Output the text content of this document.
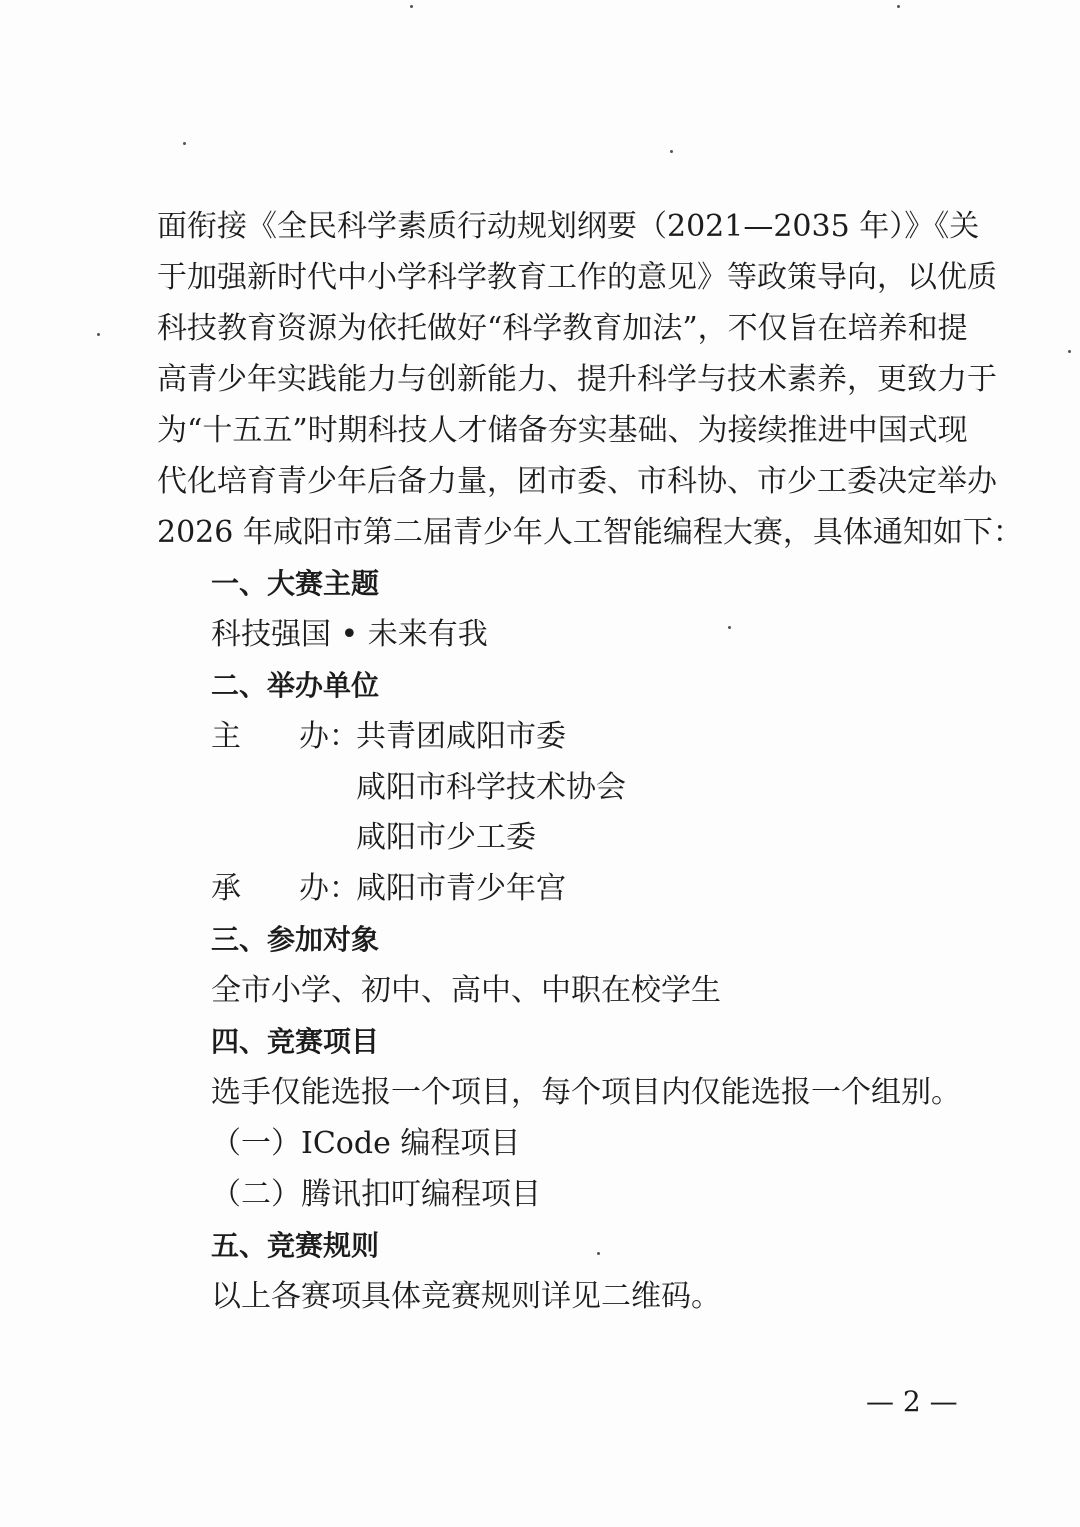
面衔接《全民科学素质行动规划纲要（2021—2035 年）》《关
于加强新时代中小学科学教育工作的意见》等政策导向，以优质
科技教育资源为依托做好“科学教育加法”，不仅旨在培养和提
高青少年实践能力与创新能力、提升科学与技术素养，更致力于
为“十五五”时期科技人才储备夯实基础、为接续推进中国式现
代化培育青少年后备力量，团市委、市科协、市少工委决定举办
2026 年咸阳市第二届青少年人工智能编程大赛，具体通知如下：
一、大赛主题
科技强国 • 未来有我
二、举办单位
主 办：
共青团咸阳市委
咸阳市科学技术协会
咸阳市少工委
承 办：
咸阳市青少年宫
三、参加对象
全市小学、初中、高中、中职在校学生
四、竞赛项目
选手仅能选报一个项目，每个项目内仅能选报一个组别。
（一）ICode 编程项目
（二）腾讯扣叮编程项目
五、竞赛规则
以上各赛项具体竞赛规则详见二维码。
— 2 —
